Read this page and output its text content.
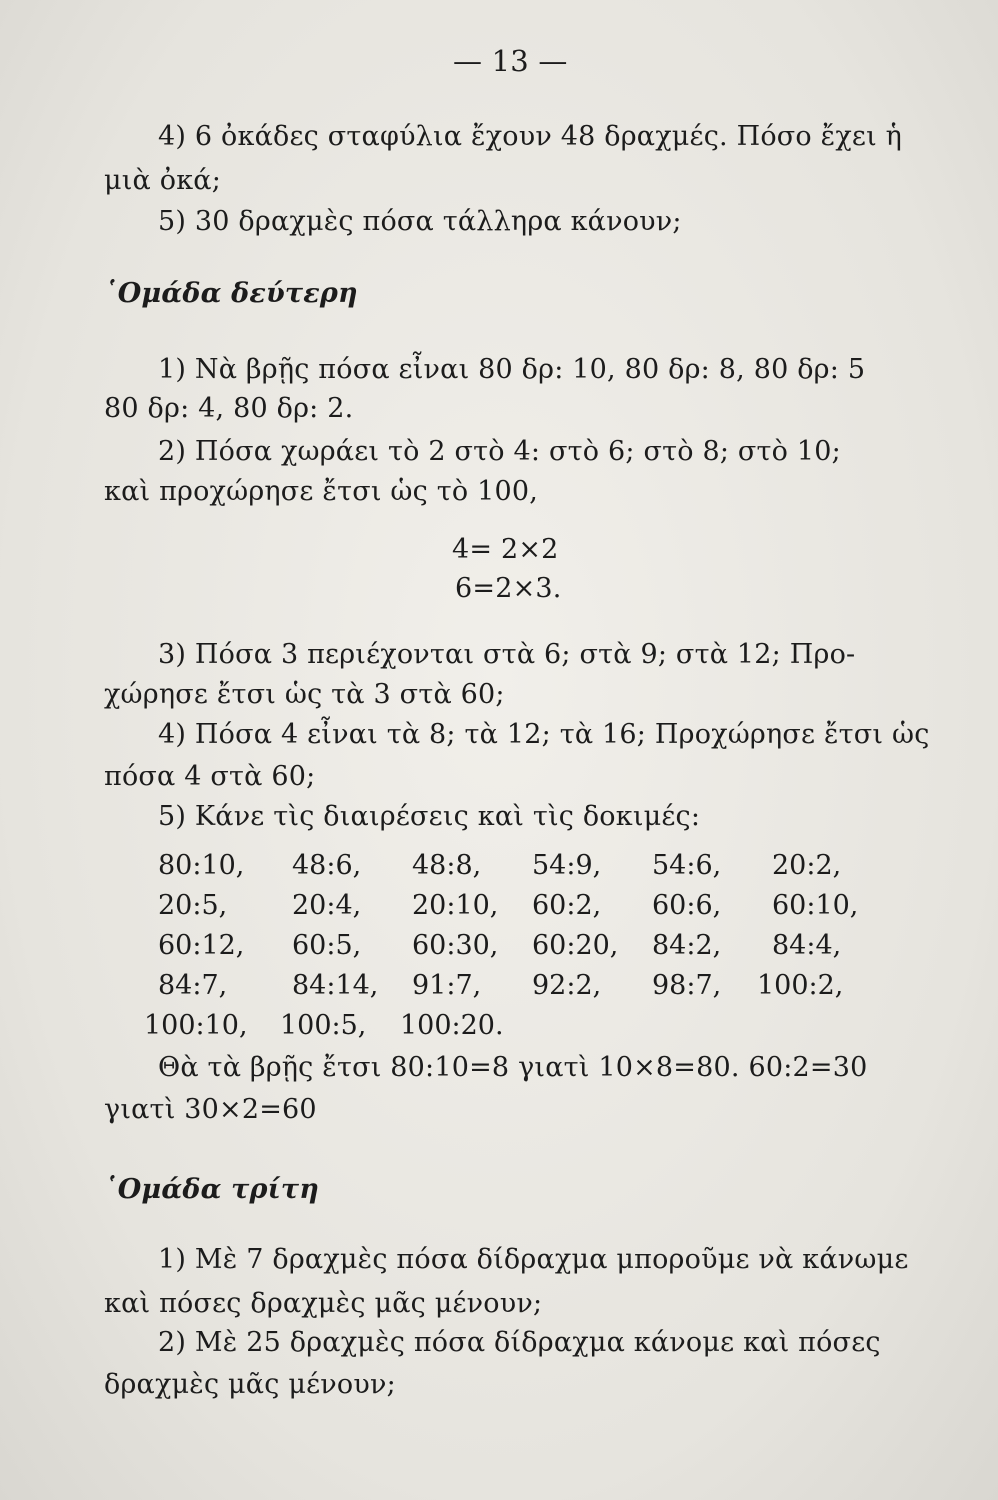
— 13 —
4) 6 ὀκάδες σταφύλια ἔχουν 48 δραχμές. Πόσο ἔχει ἡ
μιὰ ὀκά;
5) 30 δραχμὲς πόσα τάλληρα κάνουν;
῾Ομάδα δεύτερη
1) Νὰ βρῇς πόσα εἶναι 80 δρ: 10, 80 δρ: 8, 80 δρ: 5
80 δρ: 4, 80 δρ: 2.
2) Πόσα χωράει τὸ 2 στὸ 4: στὸ 6; στὸ 8; στὸ 10;
καὶ προχώρησε ἔτσι ὡς τὸ 100,
4= 2×2
6=2×3.
3) Πόσα 3 περιέχονται στὰ 6; στὰ 9; στὰ 12; Προ-
χώρησε ἔτσι ὡς τὰ 3 στὰ 60;
4) Πόσα 4 εἶναι τὰ 8; τὰ 12; τὰ 16; Προχώρησε ἔτσι ὡς
πόσα 4 στὰ 60;
5) Κάνε τὶς διαιρέσεις καὶ τὶς δοκιμές:
80:10, 48:6, 48:8, 54:9, 54:6, 20:2,
20:5, 20:4, 20:10, 60:2, 60:6, 60:10,
60:12, 60:5, 60:30, 60:20, 84:2, 84:4,
84:7, 84:14, 91:7, 92:2, 98:7, 100:2,
100:10, 100:5, 100:20.
Θὰ τὰ βρῇς ἔτσι 80:10=8 γιατὶ 10×8=80. 60:2=30
γιατὶ 30×2=60
῾Ομάδα τρίτη
1) Μὲ 7 δραχμὲς πόσα δίδραχμα μποροῦμε νὰ κάνωμε
καὶ πόσες δραχμὲς μᾶς μένουν;
2) Μὲ 25 δραχμὲς πόσα δίδραχμα κάνομε καὶ πόσες
δραχμὲς μᾶς μένουν;
